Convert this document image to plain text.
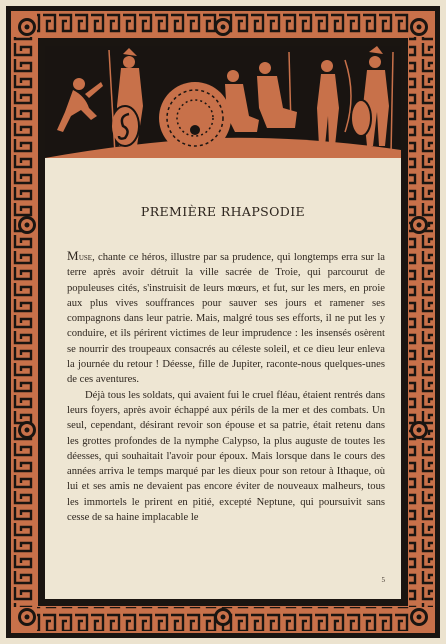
PREMIÈRE RHAPSODIE

Muse, chante ce héros, illustre par sa prudence, qui longtemps erra sur la terre après avoir détruit la ville sacrée de Troie, qui parcourut de populeuses cités, s'instruisit de leurs mœurs, et fut, sur les mers, en proie aux plus vives souffrances pour sauver ses jours et ramener ses compagnons dans leur patrie. Mais, malgré tous ses efforts, il ne put les y conduire, et ils périrent victimes de leur imprudence : les insensés osèrent se nourrir des troupeaux consacrés au céleste soleil, et ce dieu leur enleva la journée du retour ! Déesse, fille de Jupiter, raconte-nous quelques-unes de ces aventures.

Déjà tous les soldats, qui avaient fui le cruel fléau, étaient rentrés dans leurs foyers, après avoir échappé aux périls de la mer et des combats. Un seul, cependant, désirant revoir son épouse et sa patrie, était retenu dans les grottes profondes de la nymphe Calypso, la plus auguste de toutes les déesses, qui souhaitait l'avoir pour époux. Mais lorsque dans le cours des années arriva le temps marqué par les dieux pour son retour à Ithaque, où lui et ses amis ne devaient pas encore éviter de nouveaux malheurs, tous les immortels le prirent en pitié, excepté Neptune, qui poursuivit sans cesse de sa haine implacable le

5
